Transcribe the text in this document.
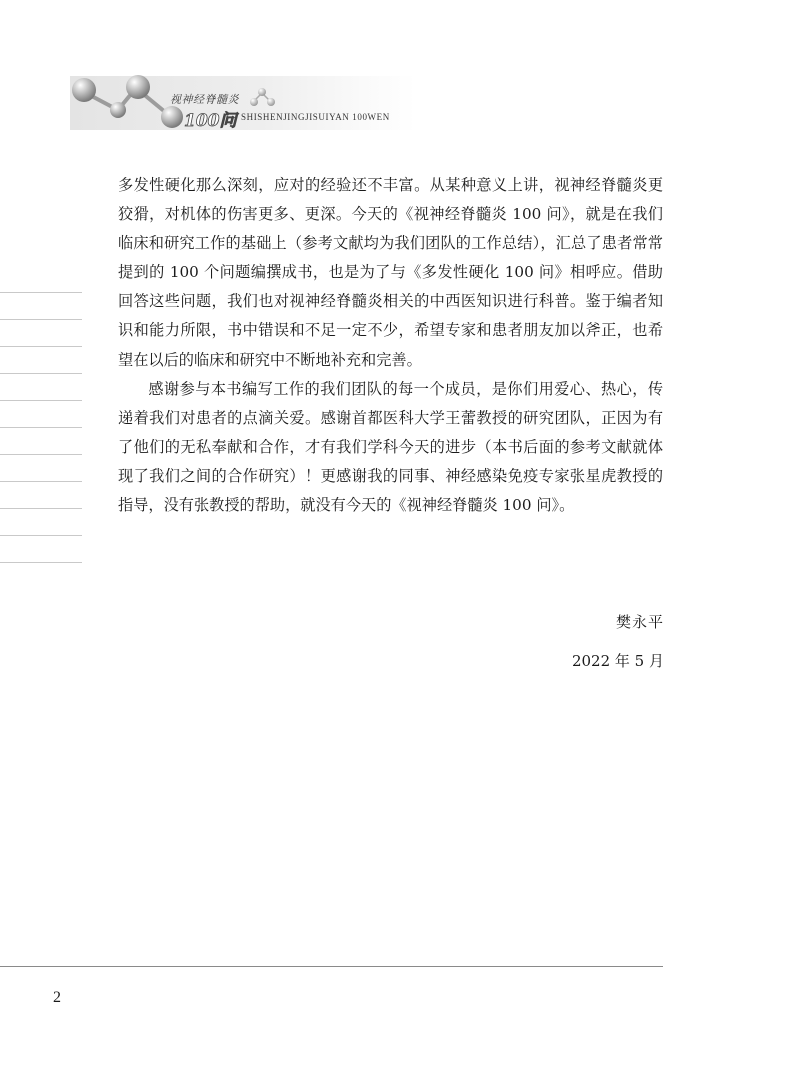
视神经脊髓炎
100问 SHISHENJINGJISUIYAN 100WEN

多发性硬化那么深刻，应对的经验还不丰富。从某种意义上讲，视神经脊髓炎更狡猾，对机体的伤害更多、更深。今天的《视神经脊髓炎 100 问》，就是在我们临床和研究工作的基础上（参考文献均为我们团队的工作总结），汇总了患者常常提到的 100 个问题编撰成书，也是为了与《多发性硬化 100 问》相呼应。借助回答这些问题，我们也对视神经脊髓炎相关的中西医知识进行科普。鉴于编者知识和能力所限，书中错误和不足一定不少，希望专家和患者朋友加以斧正，也希望在以后的临床和研究中不断地补充和完善。

感谢参与本书编写工作的我们团队的每一个成员，是你们用爱心、热心，传递着我们对患者的点滴关爱。感谢首都医科大学王蕾教授的研究团队，正因为有了他们的无私奉献和合作，才有我们学科今天的进步（本书后面的参考文献就体现了我们之间的合作研究）！更感谢我的同事、神经感染免疫专家张星虎教授的指导，没有张教授的帮助，就没有今天的《视神经脊髓炎 100 问》。

樊永平
2022 年 5 月
2
